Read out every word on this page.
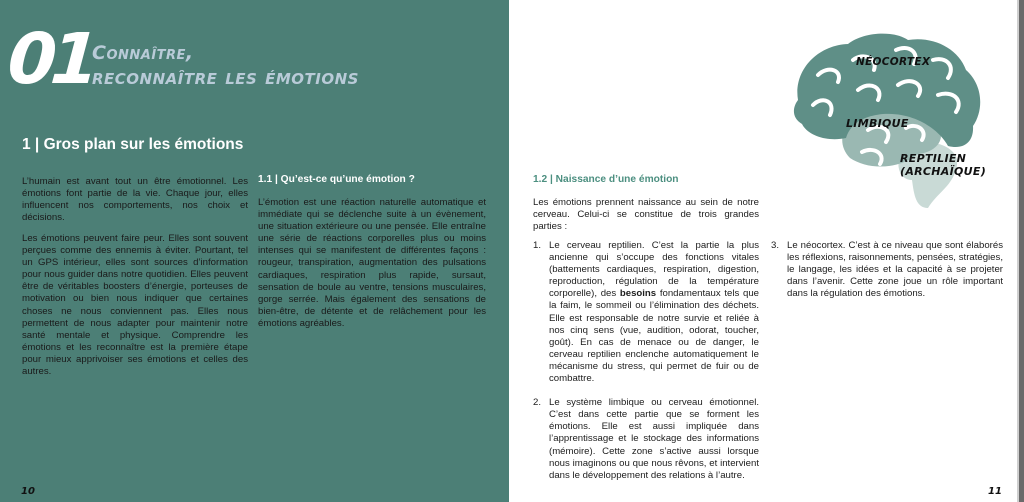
01
Connaître,
reconnaître les émotions
1 | Gros plan sur les émotions
L’humain est avant tout un être émotionnel. Les émotions font partie de la vie. Chaque jour, elles influencent nos comportements, nos choix et décisions.
Les émotions peuvent faire peur. Elles sont souvent perçues comme des ennemis à éviter. Pourtant, tel un GPS intérieur, elles sont sources d’information pour nous guider dans notre quotidien. Elles peuvent être de véritables boosters d’énergie, porteuses de motivation ou bien nous indiquer que certaines choses ne nous conviennent pas. Elles nous permettent de nous adapter pour maintenir notre santé mentale et physique. Comprendre les émotions et les reconnaître est la première étape pour mieux apprivoiser ses émotions et celles des autres.
1.1 | Qu’est-ce qu’une émotion ?
L’émotion est une réaction naturelle automatique et immédiate qui se déclenche suite à un évènement, une situation extérieure ou une pensée. Elle entraîne une série de réactions corporelles plus ou moins intenses qui se manifestent de différentes façons : rougeur, transpiration, augmentation des pulsations cardiaques, respiration plus rapide, sursaut, sensation de boule au ventre, tensions musculaires, gorge serrée. Mais également des sensations de bien-être, de détente et de relâchement pour les émotions agréables.
10
1.2 | Naissance d’une émotion
Les émotions prennent naissance au sein de notre cerveau. Celui-ci se constitue de trois grandes parties :
1. Le cerveau reptilien. C’est la partie la plus ancienne qui s’occupe des fonctions vitales (battements cardiaques, respiration, digestion, reproduction, régulation de la température corporelle), des besoins fondamentaux tels que la faim, le sommeil ou l’élimination des déchets. Elle est responsable de notre survie et reliée à nos cinq sens (vue, audition, odorat, toucher, goût). En cas de menace ou de danger, le cerveau reptilien enclenche automatiquement le mécanisme du stress, qui permet de fuir ou de combattre.
2. Le système limbique ou cerveau émotionnel. C’est dans cette partie que se forment les émotions. Elle est aussi impliquée dans l’apprentissage et le stockage des informations (mémoire). Cette zone s’active aussi lorsque nous imaginons ou que nous rêvons, et intervient dans le développement des relations à l’autre.
3. Le néocortex. C’est à ce niveau que sont élaborés les réflexions, raisonnements, pensées, stratégies, le langage, les idées et la capacité à se projeter dans l’avenir. Cette zone joue un rôle important dans la régulation des émotions.
NÉOCORTEX
LIMBIQUE
REPTILIEN
(ARCHAÏQUE)
11
